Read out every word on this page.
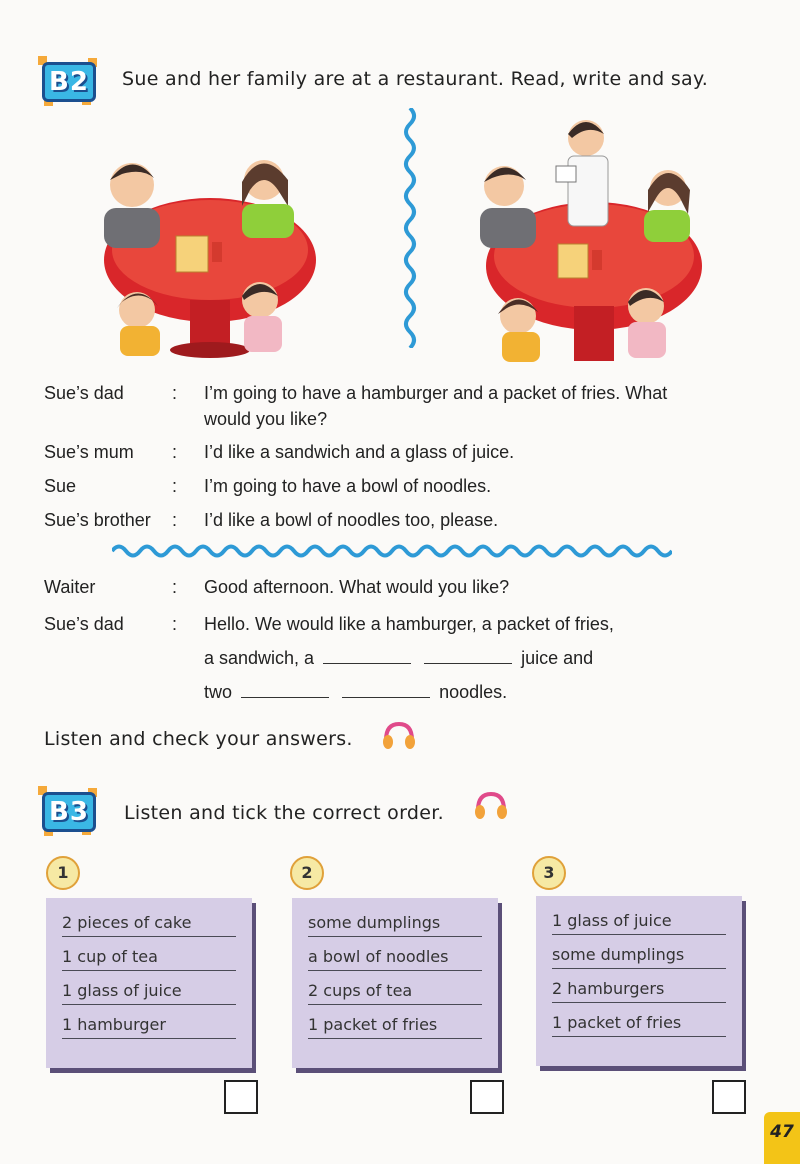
B2	Sue and her family are at a restaurant. Read, write and say.
Sue’s dad	: I’m going to have a hamburger and a packet of fries. What
would you like?
Sue’s mum	: I’d like a sandwich and a glass of juice.
Sue	: I’m going to have a bowl of noodles.
Sue’s brother	: I’d like a bowl of noodles too, please.
Waiter	: Good afternoon. What would you like?
Sue’s dad	: Hello. We would like a hamburger, a packet of fries,
a sandwich, a	juice and
two	noodles.
Listen and check your answers.
B3	Listen and tick the correct order.
1	2	3
2 pieces of cake
1 cup of tea
1 glass of juice
1 hamburger
some dumplings
a bowl of noodles
2 cups of tea
1 packet of fries
1 glass of juice
some dumplings
2 hamburgers
1 packet of fries
47
